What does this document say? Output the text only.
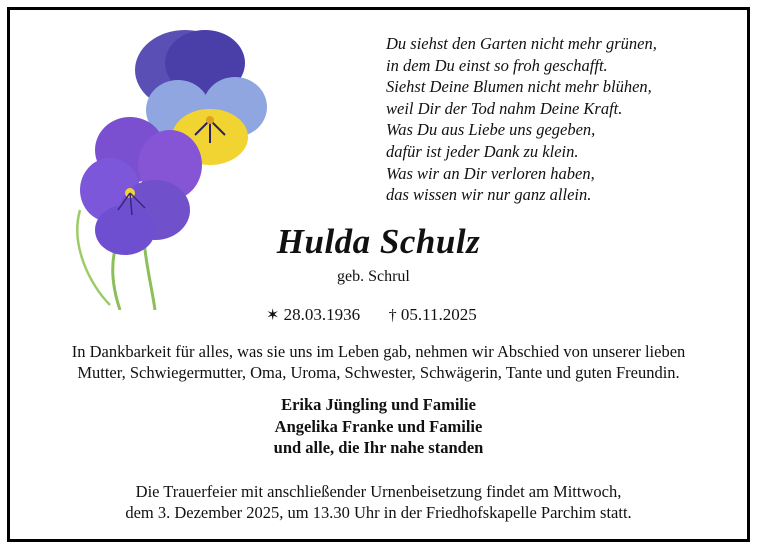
Du siehst den Garten nicht mehr grünen,
in dem Du einst so froh geschafft.
Siehst Deine Blumen nicht mehr blühen,
weil Dir der Tod nahm Deine Kraft.
Was Du aus Liebe uns gegeben,
dafür ist jeder Dank zu klein.
Was wir an Dir verloren haben,
das wissen wir nur ganz allein.
Hulda Schulz
geb. Schrul
✶ 28.03.1936 † 05.11.2025
In Dankbarkeit für alles, was sie uns im Leben gab, nehmen wir Abschied von unserer lieben
Mutter, Schwiegermutter, Oma, Uroma, Schwester, Schwägerin, Tante und guten Freundin.
Erika Jüngling und Familie
Angelika Franke und Familie
und alle, die Ihr nahe standen
Die Trauerfeier mit anschließender Urnenbeisetzung findet am Mittwoch,
dem 3. Dezember 2025, um 13.30 Uhr in der Friedhofskapelle Parchim statt.
